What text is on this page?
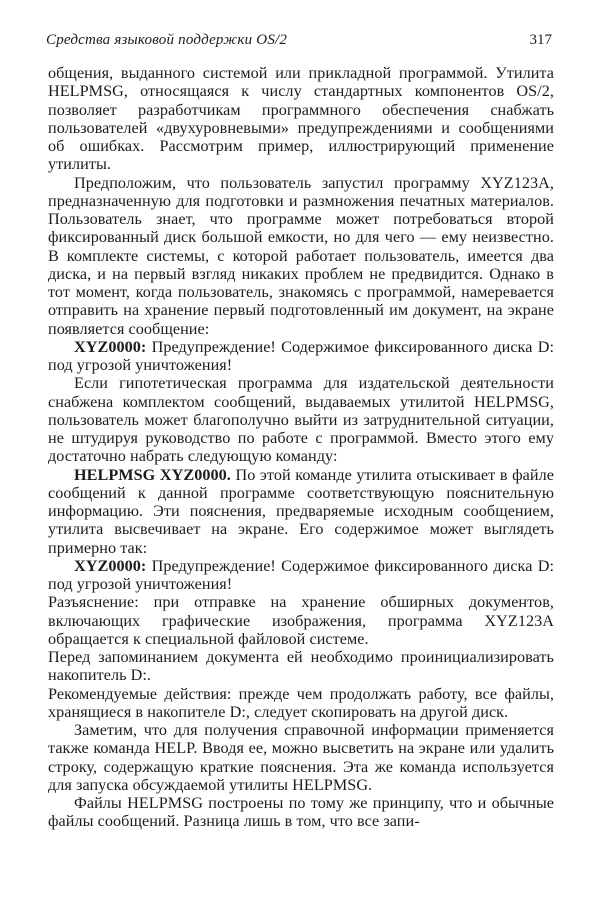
Средства языковой поддержки OS/2	317

общения, выданного системой или прикладной программой. Утилита HELPMSG, относящаяся к числу стандартных компонентов OS/2, позволяет разработчикам программного обеспечения снабжать пользователей «двухуровневыми» предупреждениями и сообщениями об ошибках. Рассмотрим пример, иллюстрирующий применение утилиты.

Предположим, что пользователь запустил программу XYZ123A, предназначенную для подготовки и размножения печатных материалов. Пользователь знает, что программе может потребоваться второй фиксированный диск большой емкости, но для чего — ему неизвестно. В комплекте системы, с которой работает пользователь, имеется два диска, и на первый взгляд никаких проблем не предвидится. Однако в тот момент, когда пользователь, знакомясь с программой, намеревается отправить на хранение первый подготовленный им документ, на экране появляется сообщение:

XYZ0000: Предупреждение! Содержимое фиксированного диска D: под угрозой уничтожения!

Если гипотетическая программа для издательской деятельности снабжена комплектом сообщений, выдаваемых утилитой HELPMSG, пользователь может благополучно выйти из затруднительной ситуации, не штудируя руководство по работе с программой. Вместо этого ему достаточно набрать следующую команду:

HELPMSG XYZ0000. По этой команде утилита отыскивает в файле сообщений к данной программе соответствующую пояснительную информацию. Эти пояснения, предваряемые исходным сообщением, утилита высвечивает на экране. Его содержимое может выглядеть примерно так:

XYZ0000: Предупреждение! Содержимое фиксированного диска D: под угрозой уничтожения!

Разъяснение: при отправке на хранение обширных документов, включающих графические изображения, программа XYZ123A обращается к специальной файловой системе.

Перед запоминанием документа ей необходимо проинициализировать накопитель D:.

Рекомендуемые действия: прежде чем продолжать работу, все файлы, хранящиеся в накопителе D:, следует скопировать на другой диск.

Заметим, что для получения справочной информации применяется также команда HELP. Вводя ее, можно высветить на экране или удалить строку, содержащую краткие пояснения. Эта же команда используется для запуска обсуждаемой утилиты HELPMSG.

Файлы HELPMSG построены по тому же принципу, что и обычные файлы сообщений. Разница лишь в том, что все запи-
